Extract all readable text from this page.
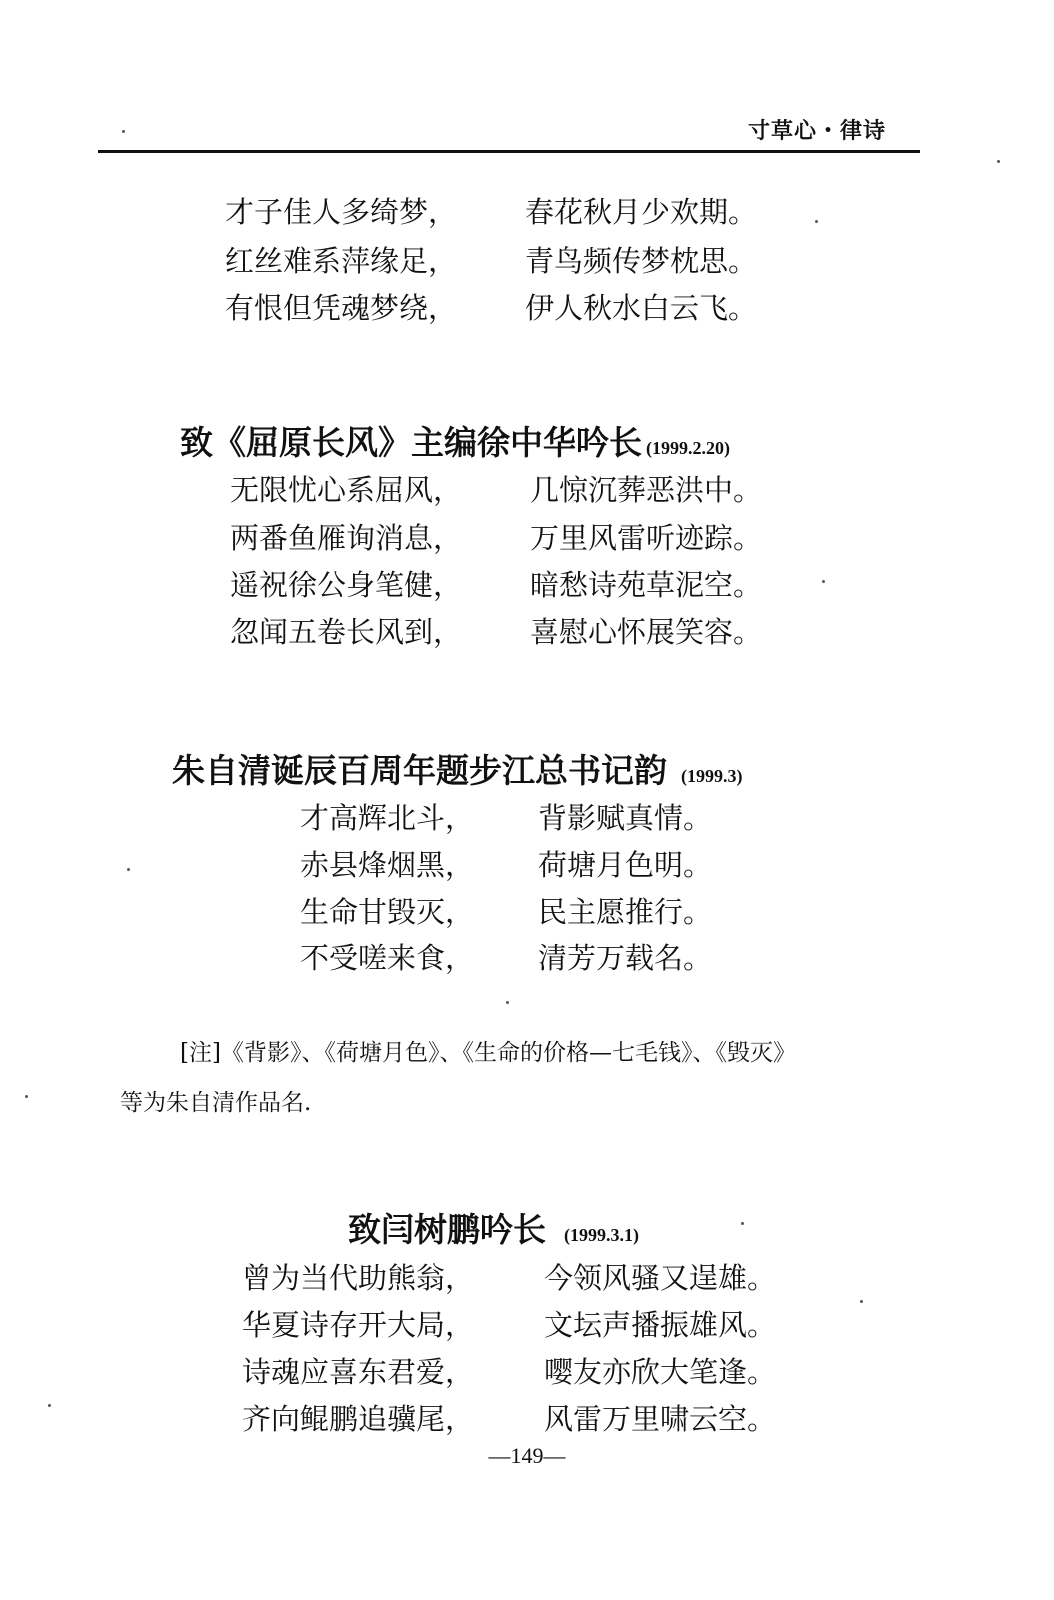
寸草心・律诗
才子佳人多绮梦， 春花秋月少欢期。
红丝难系萍缘足， 青鸟频传梦枕思。
有恨但凭魂梦绕， 伊人秋水白云飞。
致《屈原长风》主编徐中华吟长 (1999.2.20)
无限忧心系屈风， 几惊沉葬恶洪中。
两番鱼雁询消息， 万里风雷听迹踪。
遥祝徐公身笔健， 暗愁诗苑草泥空。
忽闻五卷长风到， 喜慰心怀展笑容。
朱自清诞辰百周年题步江总书记韵 (1999.3)
才高辉北斗， 背影赋真情。
赤县烽烟黑， 荷塘月色明。
生命甘毁灭， 民主愿推行。
不受嗟来食， 清芳万载名。
[注]《背影》、《荷塘月色》、《生命的价格—七毛钱》、《毁灭》
等为朱自清作品名.
致闫树鹏吟长 (1999.3.1)
曾为当代助熊翁， 今领风骚又逞雄。
华夏诗存开大局， 文坛声播振雄风。
诗魂应喜东君爱， 嘤友亦欣大笔逢。
齐向鲲鹏追骥尾， 风雷万里啸云空。
—149—
